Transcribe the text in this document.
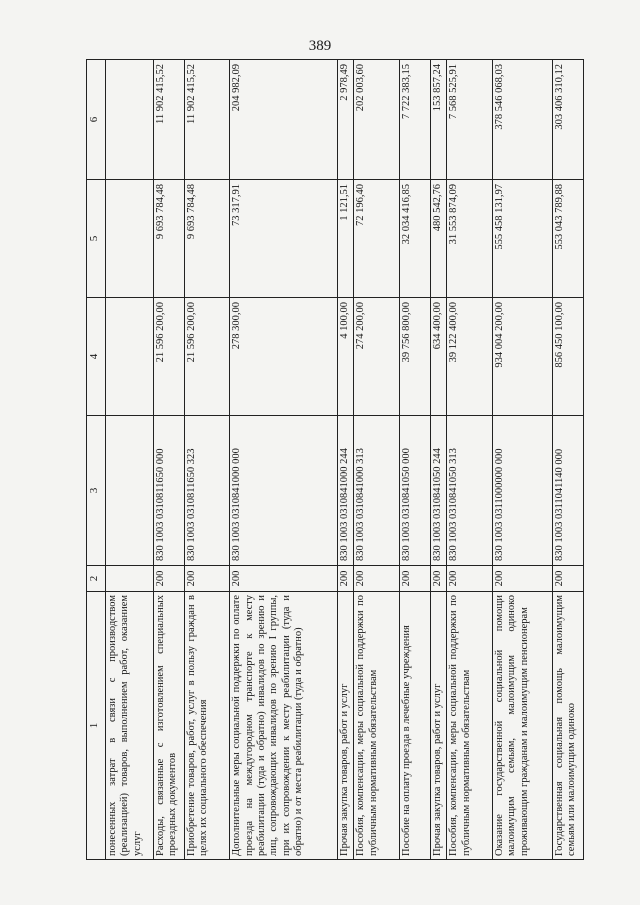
389
1	2	3	4	5	6
понесенных затрат в связи с производством (реализацией) товаров, выполнением работ, оказанием услуг					
Расходы, связанные с изготовлением специальных проездных документов	200	830 1003 0310811650 000	21 596 200,00	9 693 784,48	11 902 415,52
Приобретение товаров, работ, услуг в пользу граждан в целях их социального обеспечения	200	830 1003 0310811650 323	21 596 200,00	9 693 784,48	11 902 415,52
Дополнительные меры социальной поддержки по оплате проезда на междугородном транспорте к месту реабилитации (туда и обратно) инвалидов по зрению и лиц, сопровождающих инвалидов по зрению I группы, при их сопровождении к месту реабилитации (туда и обратно) и от места реабилитации (туда и обратно)	200	830 1003 0310841000 000	278 300,00	73 317,91	204 982,09
Прочая закупка товаров, работ и услуг	200	830 1003 0310841000 244	4 100,00	1 121,51	2 978,49
Пособия, компенсации, меры социальной поддержки по публичным нормативным обязательствам	200	830 1003 0310841000 313	274 200,00	72 196,40	202 003,60
Пособие на оплату проезда в лечебные учреждения	200	830 1003 0310841050 000	39 756 800,00	32 034 416,85	7 722 383,15
Прочая закупка товаров, работ и услуг	200	830 1003 0310841050 244	634 400,00	480 542,76	153 857,24
Пособия, компенсации, меры социальной поддержки по публичным нормативным обязательствам	200	830 1003 0310841050 313	39 122 400,00	31 553 874,09	7 568 525,91
Оказание государственной социальной помощи малоимущим семьям, малоимущим одиноко проживающим гражданам и малоимущим пенсионерам	200	830 1003 0311000000 000	934 004 200,00	555 458 131,97	378 546 068,03
Государственная социальная помощь малоимущим семьям или малоимущим одиноко	200	830 1003 0311041140 000	856 450 100,00	553 043 789,88	303 406 310,12
